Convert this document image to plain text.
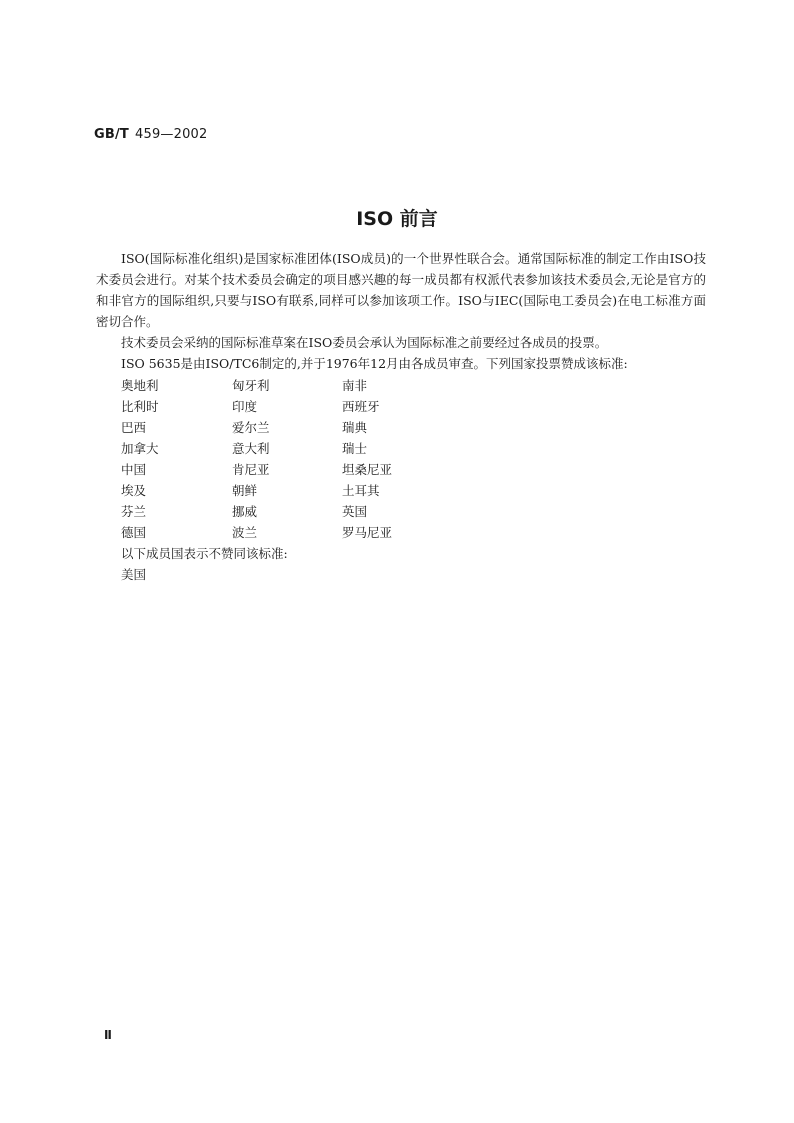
GB/T 459—2002
ISO 前言

ISO(国际标准化组织)是国家标准团体(ISO成员)的一个世界性联合会。通常国际标准的制定工作由ISO技术委员会进行。对某个技术委员会确定的项目感兴趣的每一成员都有权派代表参加该技术委员会,无论是官方的和非官方的国际组织,只要与ISO有联系,同样可以参加该项工作。ISO与IEC(国际电工委员会)在电工标准方面密切合作。

技术委员会采纳的国际标准草案在ISO委员会承认为国际标准之前要经过各成员的投票。

ISO 5635是由ISO/TC6制定的,并于1976年12月由各成员审查。下列国家投票赞成该标准:

奥地利	匈牙利	南非
比利时	印度	西班牙
巴西	爱尔兰	瑞典
加拿大	意大利	瑞士
中国	肯尼亚	坦桑尼亚
埃及	朝鲜	土耳其
芬兰	挪威	英国
德国	波兰	罗马尼亚
以下成员国表示不赞同该标准:
美国
Ⅱ
